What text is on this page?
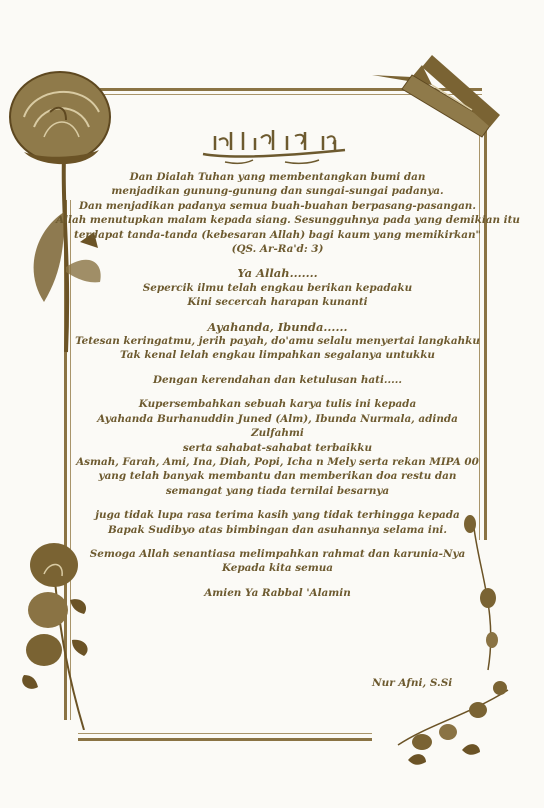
Dan Dialah Tuhan yang membentangkan bumi dan

menjadikan gunung-gunung dan sungai-sungai padanya.

Dan menjadikan padanya semua buah-buahan berpasang-pasangan.

Allah menutupkan malam kepada siang. Sesungguhnya pada yang demikian itu

terdapat tanda-tanda (kebesaran Allah) bagi kaum yang memikirkan"

(QS. Ar-Ra'd: 3)

Ya Allah.......

Sepercik ilmu telah engkau berikan kepadaku

Kini secercah harapan kunanti

Ayahanda, Ibunda......

Tetesan keringatmu, jerih payah, do'amu selalu menyertai langkahku

Tak kenal lelah engkau limpahkan segalanya untukku

Dengan kerendahan dan ketulusan hati.....

Kupersembahkan sebuah karya tulis ini kepada

Ayahanda Burhanuddin Juned (Alm), Ibunda Nurmala, adinda Zulfahmi

serta sahabat-sahabat terbaikku

Asmah, Farah, Ami, Ina, Diah, Popi, Icha n Mely serta rekan MIPA 00

yang telah banyak membantu dan memberikan doa restu dan

semangat yang tiada ternilai besarnya

juga tidak lupa rasa terima kasih yang tidak terhingga kepada

Bapak Sudibyo atas bimbingan dan asuhannya selama ini.

Semoga Allah senantiasa melimpahkan rahmat dan karunia-Nya

Kepada kita semua

Amien Ya Rabbal 'Alamin

Nur Afni, S.Si
